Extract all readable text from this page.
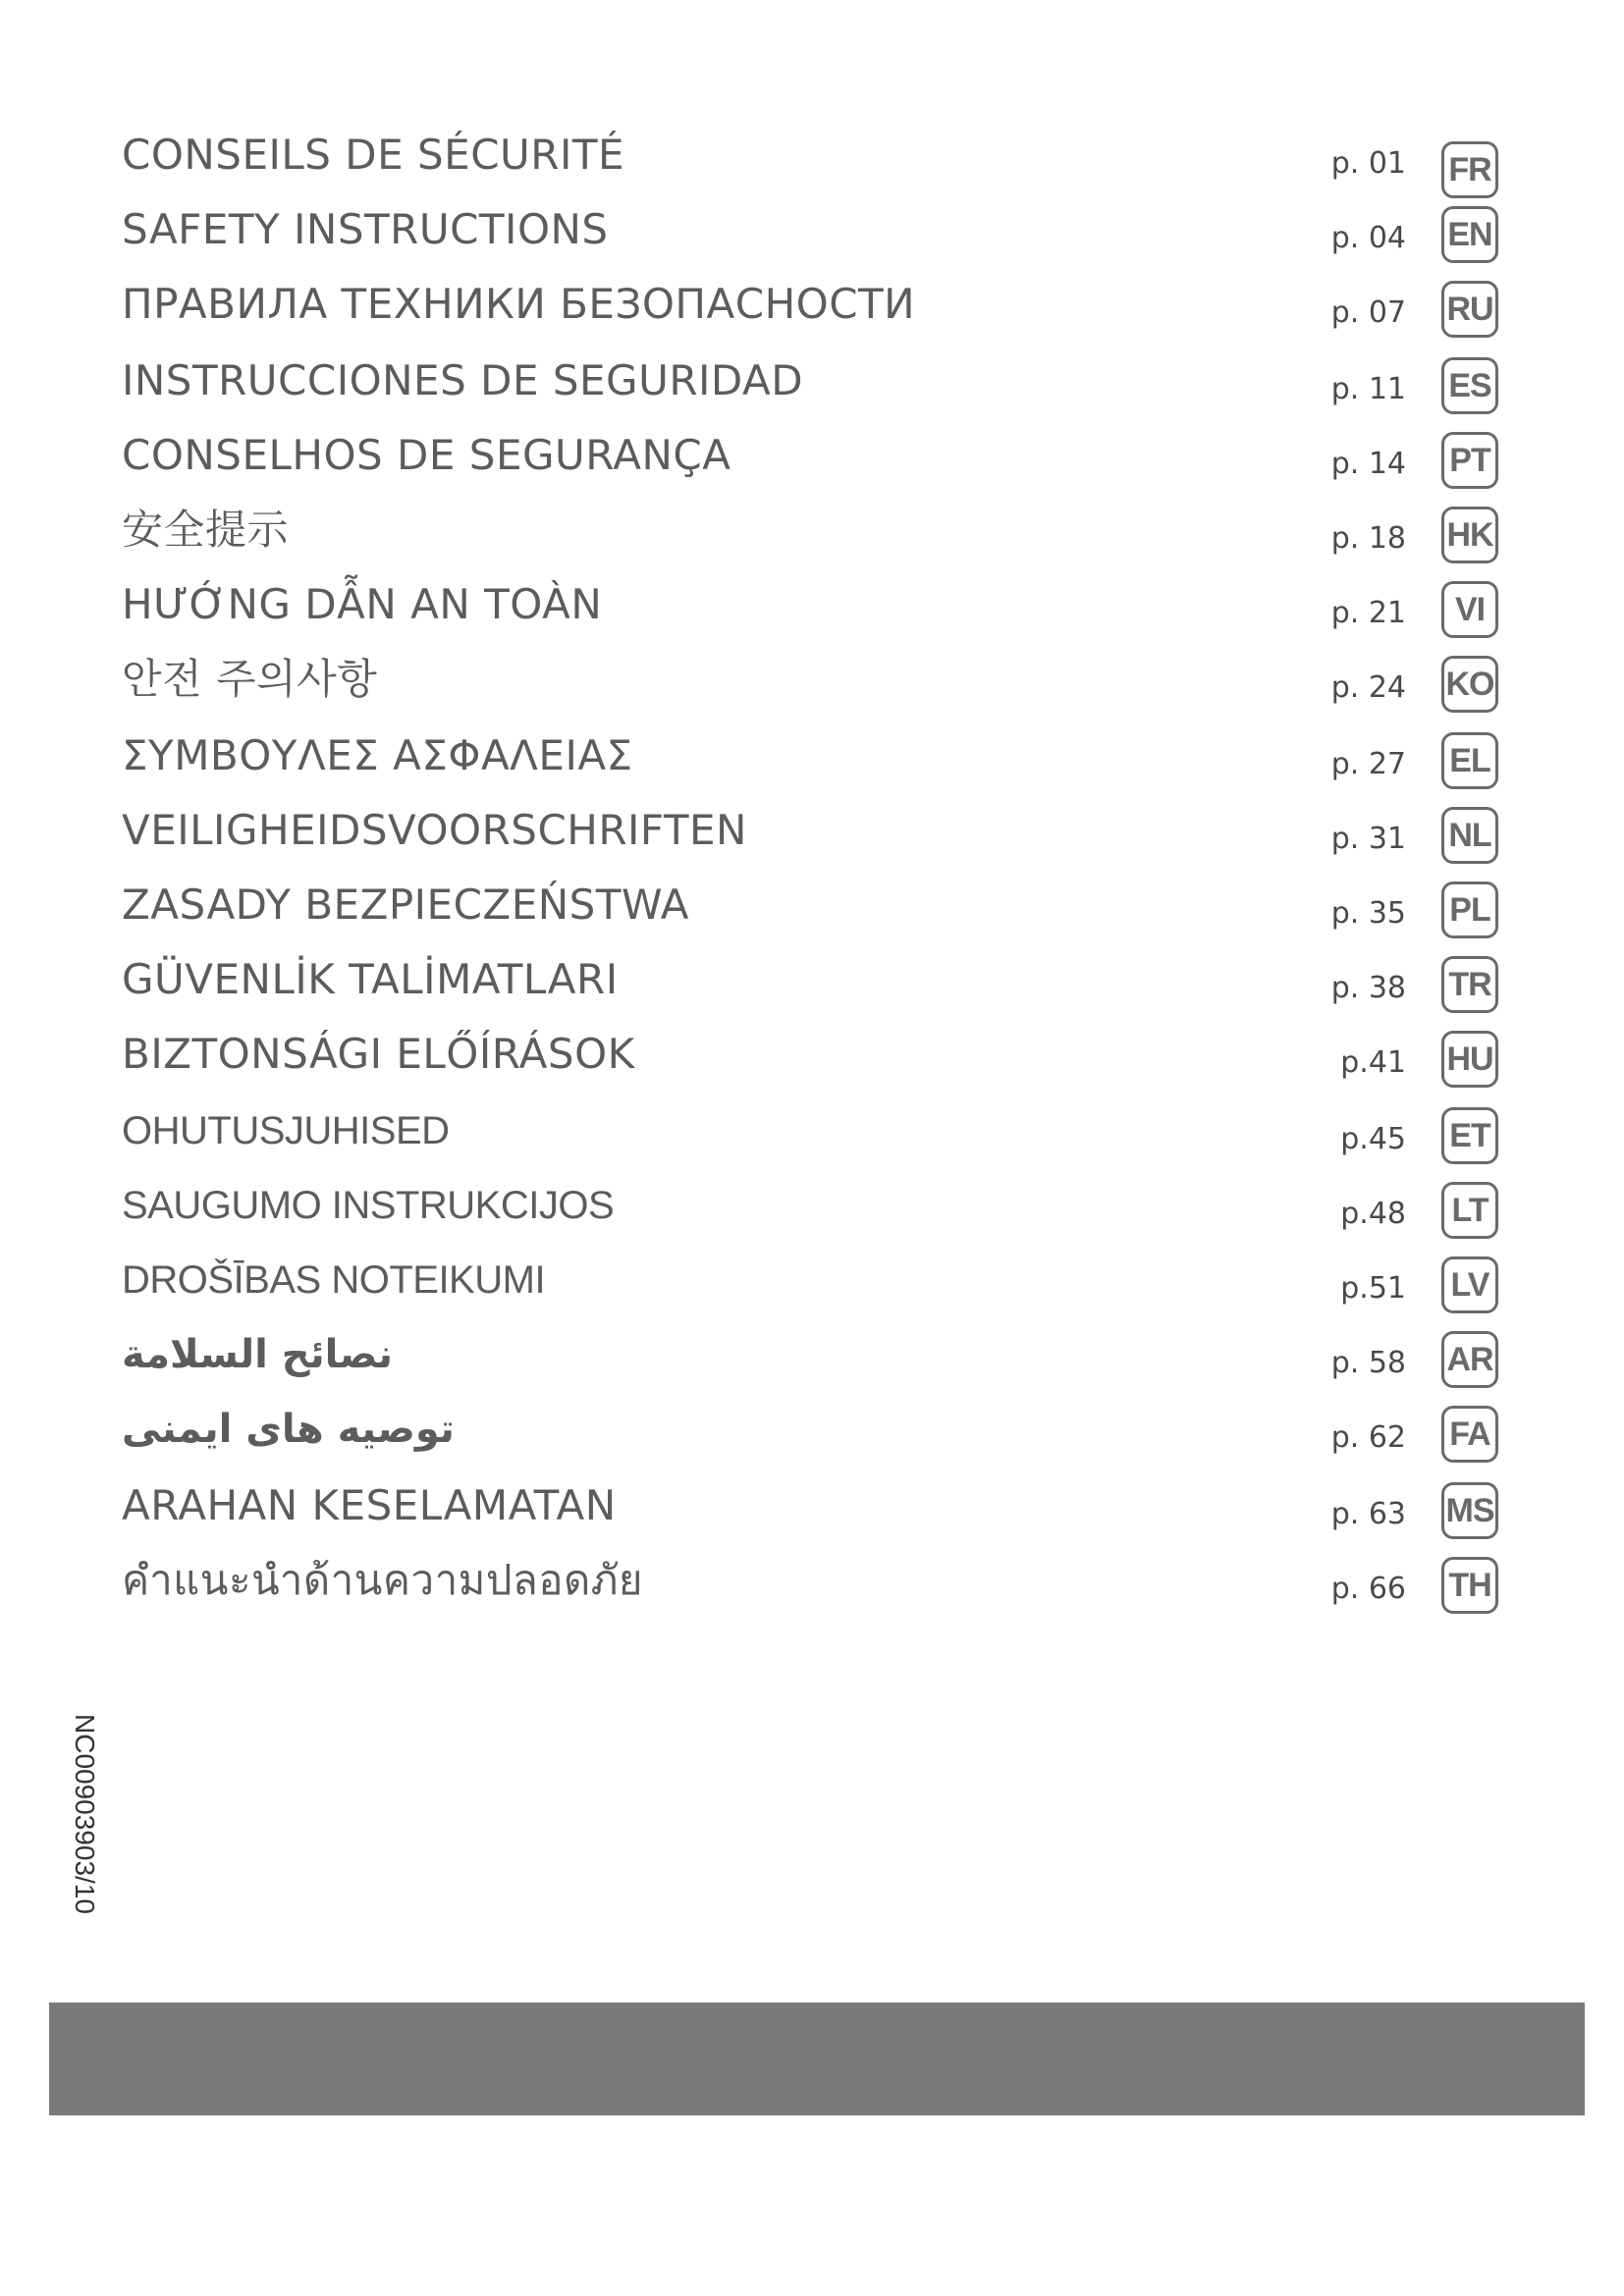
CONSEILS DE SÉCURITÉ	p. 01 FR
SAFETY INSTRUCTIONS	p. 04 EN
ПРАВИЛА ТЕХНИКИ БЕЗОПАСНОСТИ	p. 07 RU
INSTRUCCIONES DE SEGURIDAD	p. 11 ES
CONSELHOS DE SEGURANÇA	p. 14 PT
安全提示	p. 18 HK
HƯỚNG DẪN AN TOÀN	p. 21	VI
안전 주의사항	p. 24 KO
ΣΥΜΒΟΥΛΕΣ ΑΣΦΑΛΕΙΑΣ	p. 27 EL
VEILIGHEIDSVOORSCHRIFTEN	p. 31 NL
ZASADY BEZPIECZEŃSTWA	p. 35 PL
GÜVENLİK TALİMATLARI	p. 38 TR
BIZTONSÁGI ELŐÍRÁSOK	p.41 HU
OHUTUSJUHISED	p.45 ET
SAUGUMO INSTRUKCIJOS	p.48	LT
DROŠĪBAS NOTEIKUMI	p.51 LV
نصائح السلامة	p. 58 AR
توصیه های ایمنی	p. 62 FA
ARAHAN KESELAMATAN	p. 63 MS
คำแนะนำด้านความปลอดภัย	p. 66 TH
NC00903903/10
